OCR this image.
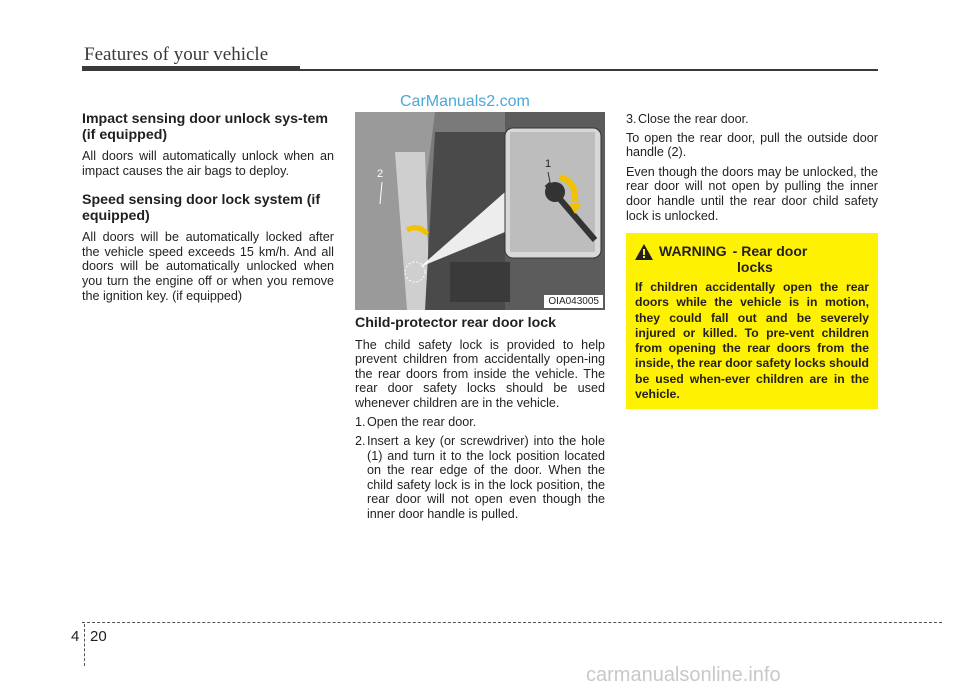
Features of your vehicle
CarManuals2.com
Impact sensing door unlock sys-tem (if equipped)

All doors will automatically unlock when an impact causes the air bags to deploy.

Speed sensing door lock system (if equipped)

All doors will be automatically locked after the vehicle speed exceeds 15 km/h. And all doors will be automatically unlocked when you turn the engine off or when you remove the ignition key. (if equipped)

2
1
OIA043005
Child-protector rear door lock

The child safety lock is provided to help prevent children from accidentally open-ing the rear doors from inside the vehicle. The rear door safety locks should be used whenever children are in the vehicle.

1. Open the rear door.
2. Insert a key (or screwdriver) into the hole (1) and turn it to the lock position located on the rear edge of the door. When the child safety lock is in the lock position, the rear door will not open even though the inner door handle is pulled.
3. Close the rear door.

To open the rear door, pull the outside door handle (2).

Even though the doors may be unlocked, the rear door will not open by pulling the inner door handle until the rear door child safety lock is unlocked.

WARNING - Rear door
locks
If children accidentally open the rear doors while the vehicle is in motion, they could fall out and be severely injured or killed. To pre-vent children from opening the rear doors from the inside, the rear door safety locks should be used when-ever children are in the vehicle.
4 20
carmanualsonline.info
